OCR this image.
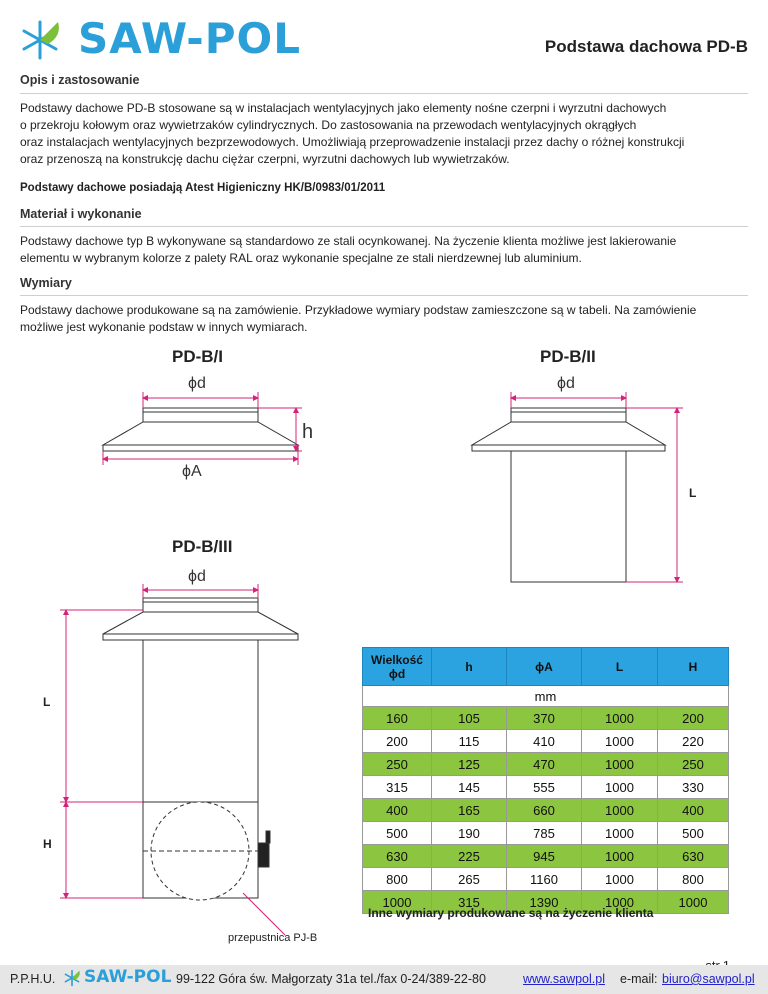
SAW-POL	Podstawa dachowa PD-B
Opis i zastosowanie
Podstawy dachowe PD-B stosowane są w instalacjach wentylacyjnych jako elementy nośne czerpni i wyrzutni dachowych
o przekroju kołowym oraz wywietrzaków cylindrycznych. Do zastosowania na przewodach wentylacyjnych okrągłych
oraz instalacjach wentylacyjnych bezprzewodowych. Umożliwiają przeprowadzenie instalacji przez dachy o różnej konstrukcji
oraz przenoszą na konstrukcję dachu ciężar czerpni, wyrzutni dachowych lub wywietrzaków.
Podstawy dachowe posiadają Atest Higieniczny HK/B/0983/01/2011
Materiał i wykonanie
Podstawy dachowe typ B wykonywane są standardowo ze stali ocynkowanej. Na życzenie klienta możliwe jest lakierowanie
elementu w wybranym kolorze z palety RAL oraz wykonanie specjalne ze stali nierdzewnej lub aluminium.
Wymiary
Podstawy dachowe produkowane są na zamówienie. Przykładowe wymiary podstaw zamieszczone są w tabeli. Na zamówienie
możliwe jest wykonanie podstaw w innych wymiarach.
PD-B/I	PD-B/II
PD-B/III
ϕd
h
ϕA
ϕd
L
ϕd
L
H
Wielkość
ϕd	h	ϕA	L	H
mm				
160	105	370	1000	200
200	115	410	1000	220
250	125	470	1000	250
315	145	555	1000	330
400	165	660	1000	400
500	190	785	1000	500
630	225	945	1000	630
800	265	1160	1000	800
1000	315	1390	1000	1000
Inne wymiary produkowane są na życzenie klienta
przepustnica PJ-B
P.P.H.U. SAW-POL 99-122 Góra św. Małgorzaty 31a tel./fax 0-24/389-22-80	www.sawpol.pl e-mail: biuro@sawpol.pl
